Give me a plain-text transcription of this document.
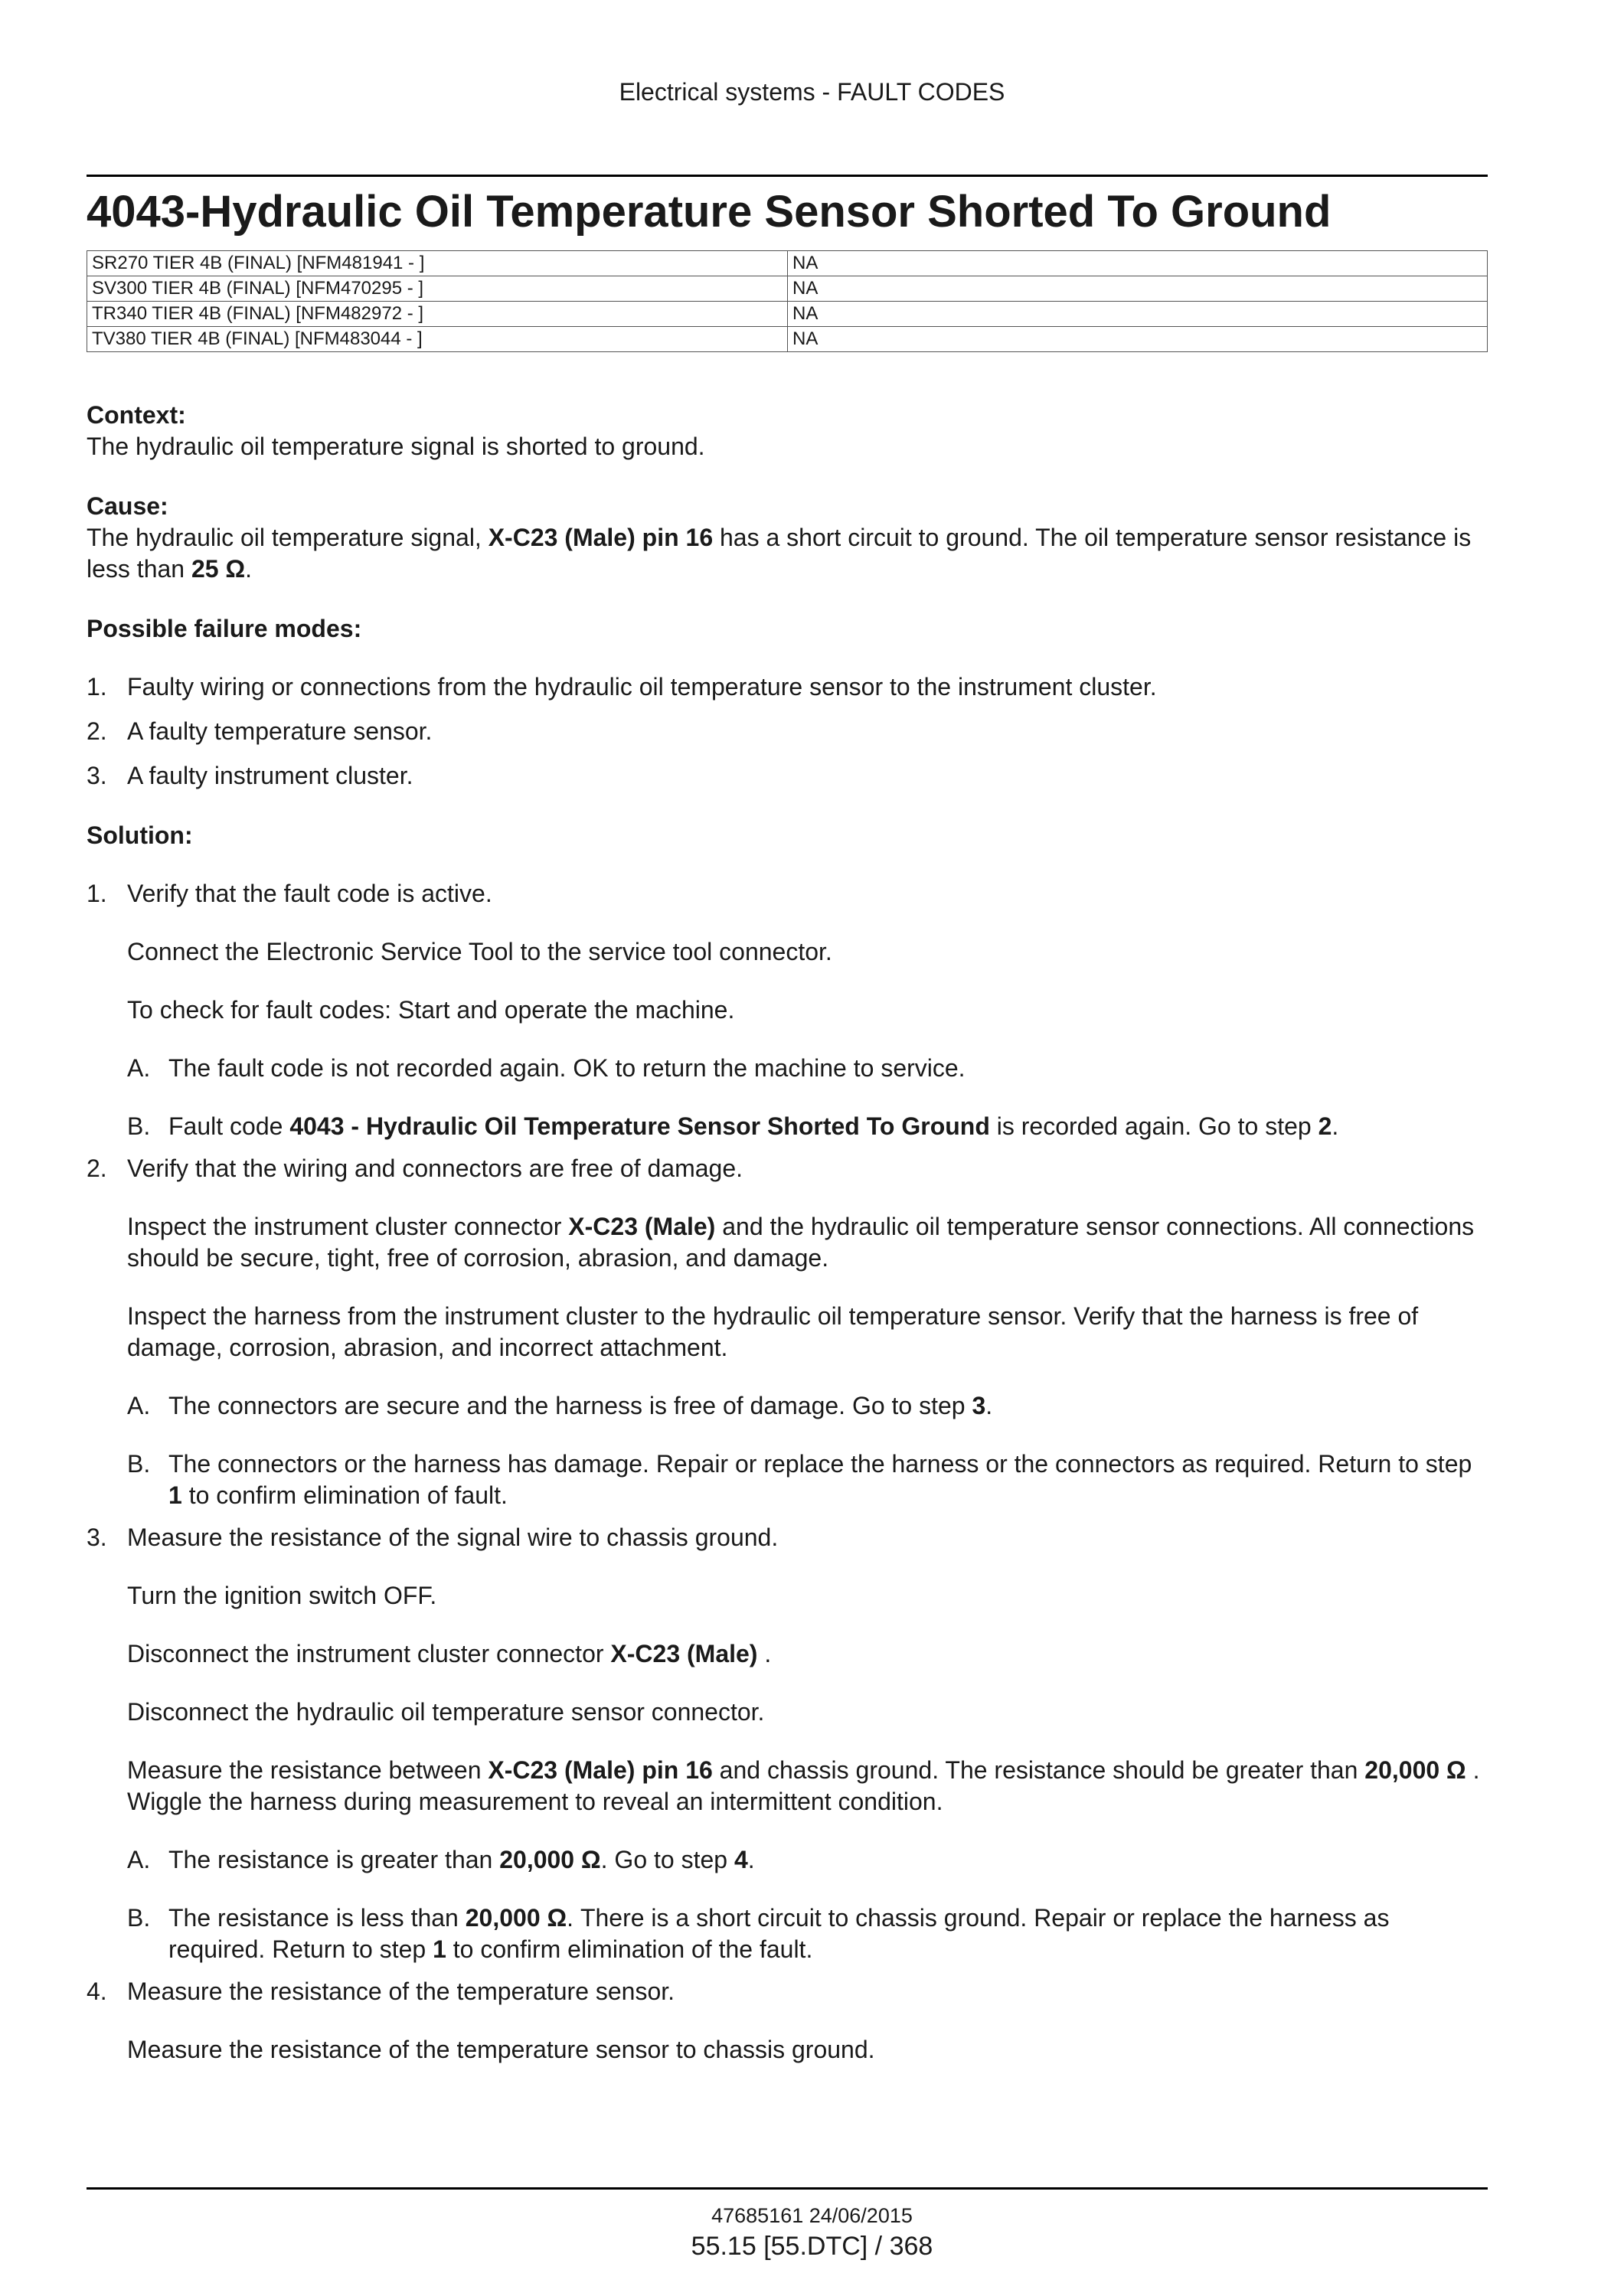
Electrical systems - FAULT CODES
4043-Hydraulic Oil Temperature Sensor Shorted To Ground
SR270 TIER 4B (FINAL) [NFM481941 - ]	NA
SV300 TIER 4B (FINAL) [NFM470295 - ]	NA
TR340 TIER 4B (FINAL) [NFM482972 - ]	NA
TV380 TIER 4B (FINAL) [NFM483044 - ]	NA

Context:

The hydraulic oil temperature signal is shorted to ground.

Cause:

The hydraulic oil temperature signal, X-C23 (Male) pin 16 has a short circuit to ground. The oil temperature sensor resistance is less than 25 Ω.

Possible failure modes:

1. Faulty wiring or connections from the hydraulic oil temperature sensor to the instrument cluster.
2. A faulty temperature sensor.
3. A faulty instrument cluster.

Solution:

1. Verify that the fault code is active.
Connect the Electronic Service Tool to the service tool connector.
To check for fault codes: Start and operate the machine.
A. The fault code is not recorded again. OK to return the machine to service.
B. Fault code 4043 - Hydraulic Oil Temperature Sensor Shorted To Ground is recorded again. Go to step 2.
2. Verify that the wiring and connectors are free of damage.
Inspect the instrument cluster connector X-C23 (Male) and the hydraulic oil temperature sensor connections. All connections should be secure, tight, free of corrosion, abrasion, and damage.
Inspect the harness from the instrument cluster to the hydraulic oil temperature sensor. Verify that the harness is free of damage, corrosion, abrasion, and incorrect attachment.
A. The connectors are secure and the harness is free of damage. Go to step 3.
B. The connectors or the harness has damage. Repair or replace the harness or the connectors as required. Return to step 1 to confirm elimination of fault.
3. Measure the resistance of the signal wire to chassis ground.
Turn the ignition switch OFF.
Disconnect the instrument cluster connector X-C23 (Male) .
Disconnect the hydraulic oil temperature sensor connector.
Measure the resistance between X-C23 (Male) pin 16 and chassis ground. The resistance should be greater than 20,000 Ω . Wiggle the harness during measurement to reveal an intermittent condition.
A. The resistance is greater than 20,000 Ω. Go to step 4.
B. The resistance is less than 20,000 Ω. There is a short circuit to chassis ground. Repair or replace the harness as required. Return to step 1 to confirm elimination of the fault.
4. Measure the resistance of the temperature sensor.
Measure the resistance of the temperature sensor to chassis ground.
47685161 24/06/2015
55.15 [55.DTC] / 368
